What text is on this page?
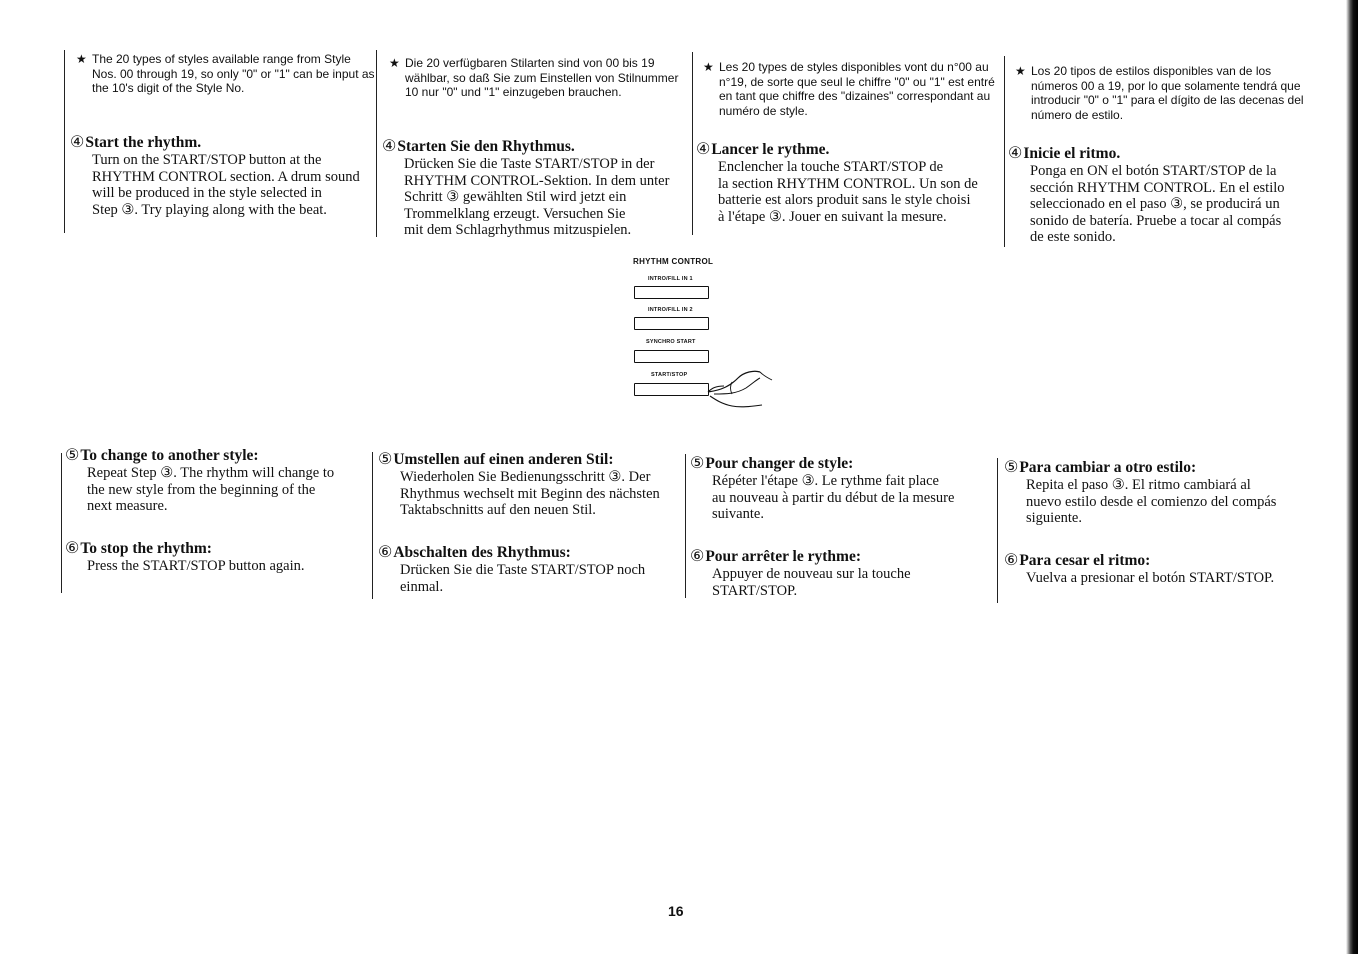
★ The 20 types of styles available range from Style Nos. 00 through 19, so only "0" or "1" can be input as the 10's digit of the Style No.

★ Die 20 verfügbaren Stilarten sind von 00 bis 19 wählbar, so daß Sie zum Einstellen von Stilnummer 10 nur "0" und "1" einzugeben brauchen.

★ Les 20 types de styles disponibles vont du n°00 au n°19, de sorte que seul le chiffre "0" ou "1" est entré en tant que chiffre des "dizaines" correspondant au numéro de style.

★ Los 20 tipos de estilos disponibles van de los números 00 a 19, por lo que solamente tendrá que introducir "0" o "1" para el dígito de las decenas del número de estilo.

④Start the rhythm.

Turn on the START/STOP button at the
RHYTHM CONTROL section. A drum sound
will be produced in the style selected in
Step ③. Try playing along with the beat.

④Starten Sie den Rhythmus.

Drücken Sie die Taste START/STOP in der
RHYTHM CONTROL-Sektion. In dem unter
Schritt ③ gewählten Stil wird jetzt ein
Trommelklang erzeugt. Versuchen Sie
mit dem Schlagrhythmus mitzuspielen.

④Lancer le rythme.

Enclencher la touche START/STOP de
la section RHYTHM CONTROL. Un son de
batterie est alors produit sans le style choisi
à l'étape ③. Jouer en suivant la mesure.

④Inicie el ritmo.

Ponga en ON el botón START/STOP de la
sección RHYTHM CONTROL. En el estilo
seleccionado en el paso ③, se producirá un
sonido de batería. Pruebe a tocar al compás
de este sonido.

RHYTHM CONTROL
INTRO/FILL IN 1
INTRO/FILL IN 2
SYNCHRO START
START/STOP
⑤To change to another style:

Repeat Step ③. The rhythm will change to
the new style from the beginning of the
next measure.

⑤Umstellen auf einen anderen Stil:

Wiederholen Sie Bedienungsschritt ③. Der
Rhythmus wechselt mit Beginn des nächsten
Taktabschnitts auf den neuen Stil.

⑤Pour changer de style:

Répéter l'étape ③. Le rythme fait place
au nouveau à partir du début de la mesure
suivante.

⑤Para cambiar a otro estilo:

Repita el paso ③. El ritmo cambiará al
nuevo estilo desde el comienzo del compás
siguiente.

⑥To stop the rhythm:

Press the START/STOP button again.

⑥Abschalten des Rhythmus:

Drücken Sie die Taste START/STOP noch
einmal.

⑥Pour arrêter le rythme:

Appuyer de nouveau sur la touche
START/STOP.

⑥Para cesar el ritmo:

Vuelva a presionar el botón START/STOP.

16
